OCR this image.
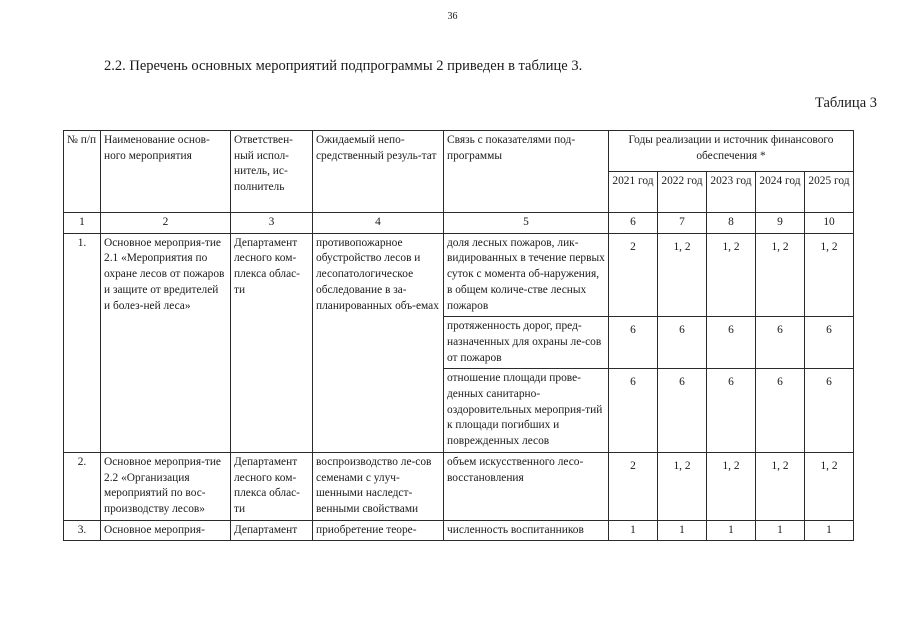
36
2.2. Перечень основных мероприятий подпрограммы 2 приведен в таблице 3.
Таблица 3
№ п/п	Наименование основ-ного мероприятия	Ответствен-ный испол-нитель, ис-полнитель	Ожидаемый непо-средственный резуль-тат	Связь с показателями под-программы	Годы реализации и источник финансового обеспечения *				
					2021 год	2022 год	2023 год	2024 год	2025 год
1	2	3	4	5	6	7	8	9	10
1.	Основное мероприя-тие 2.1 «Мероприятия по охране лесов от пожаров и защите от вредителей и болез-ней леса»	Департамент лесного ком-плекса облас-ти	противопожарное обустройство лесов и лесопатологическое обследование в за-планированных объ-емах	доля лесных пожаров, лик-видированных в течение первых суток с момента об-наружения, в общем количе-стве лесных пожаров	2	1, 2	1, 2	1, 2	1, 2
				протяженность дорог, пред-назначенных для охраны ле-сов от пожаров	6	6	6	6	6
				отношение площади прове-денных санитарно-оздоровительных мероприя-тий к площади погибших и поврежденных лесов	6	6	6	6	6
2.	Основное мероприя-тие 2.2 «Организация мероприятий по вос-производству лесов»	Департамент лесного ком-плекса облас-ти	воспроизводство ле-сов семенами с улуч-шенными наследст-венными свойствами	объем искусственного лесо-восстановления	2	1, 2	1, 2	1, 2	1, 2
3.	Основное мероприя-	Департамент	приобретение теоре-	численность воспитанников	1	1	1	1	1
